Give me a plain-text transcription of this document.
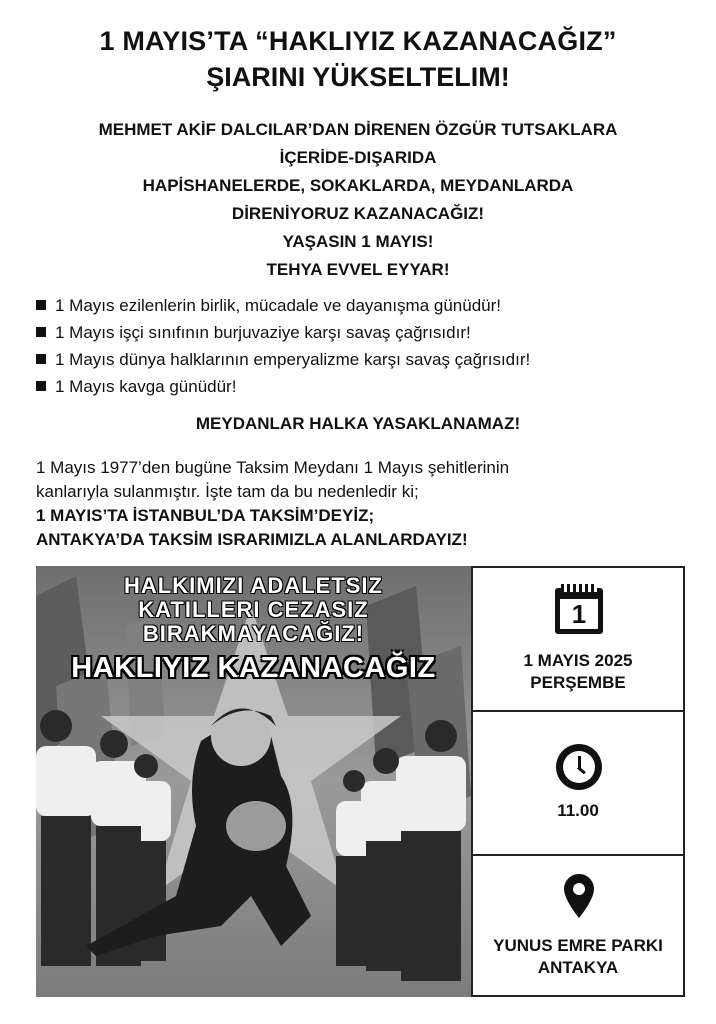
1 MAYIS’TA “HAKLIYIZ KAZANACAĞIZ”
ŞIARINI YÜKSELTELIM!
MEHMET AKİF DALCILAR’DAN DİRENEN ÖZGÜR TUTSAKLARA
İÇERİDE-DIŞARIDA
HAPİSHANELERDE, SOKAKLARDA, MEYDANLARDA
DİRENİYORUZ KAZANACAĞIZ!
YAŞASIN 1 MAYIS!
TEHYA EVVEL EYYAR!
1 Mayıs ezilenlerin birlik, mücadale ve dayanışma günüdür!
1 Mayıs işçi sınıfının burjuvaziye karşı savaş çağrısıdır!
1 Mayıs dünya halklarının emperyalizme karşı savaş çağrısıdır!
1 Mayıs kavga günüdür!
MEYDANLAR HALKA YASAKLANAMAZ!
1 Mayıs 1977’den bugüne Taksim Meydanı 1 Mayıs şehitlerinin
kanlarıyla sulanmıştır. İşte tam da bu nedenledir ki;
1 MAYIS’TA İSTANBUL’DA TAKSİM’DEYİZ;
ANTAKYA’DA TAKSİM ISRARIMIZLA ALANLARDAYIZ!
HALKIMIZI ADALETSIZ
KATILLERI CEZASIZ
BIRAKMAYACAĞIZ!
HAKLIYIZ KAZANACAĞIZ
1
1 MAYIS 2025
PERŞEMBE
11.00
YUNUS EMRE PARKI
ANTAKYA
